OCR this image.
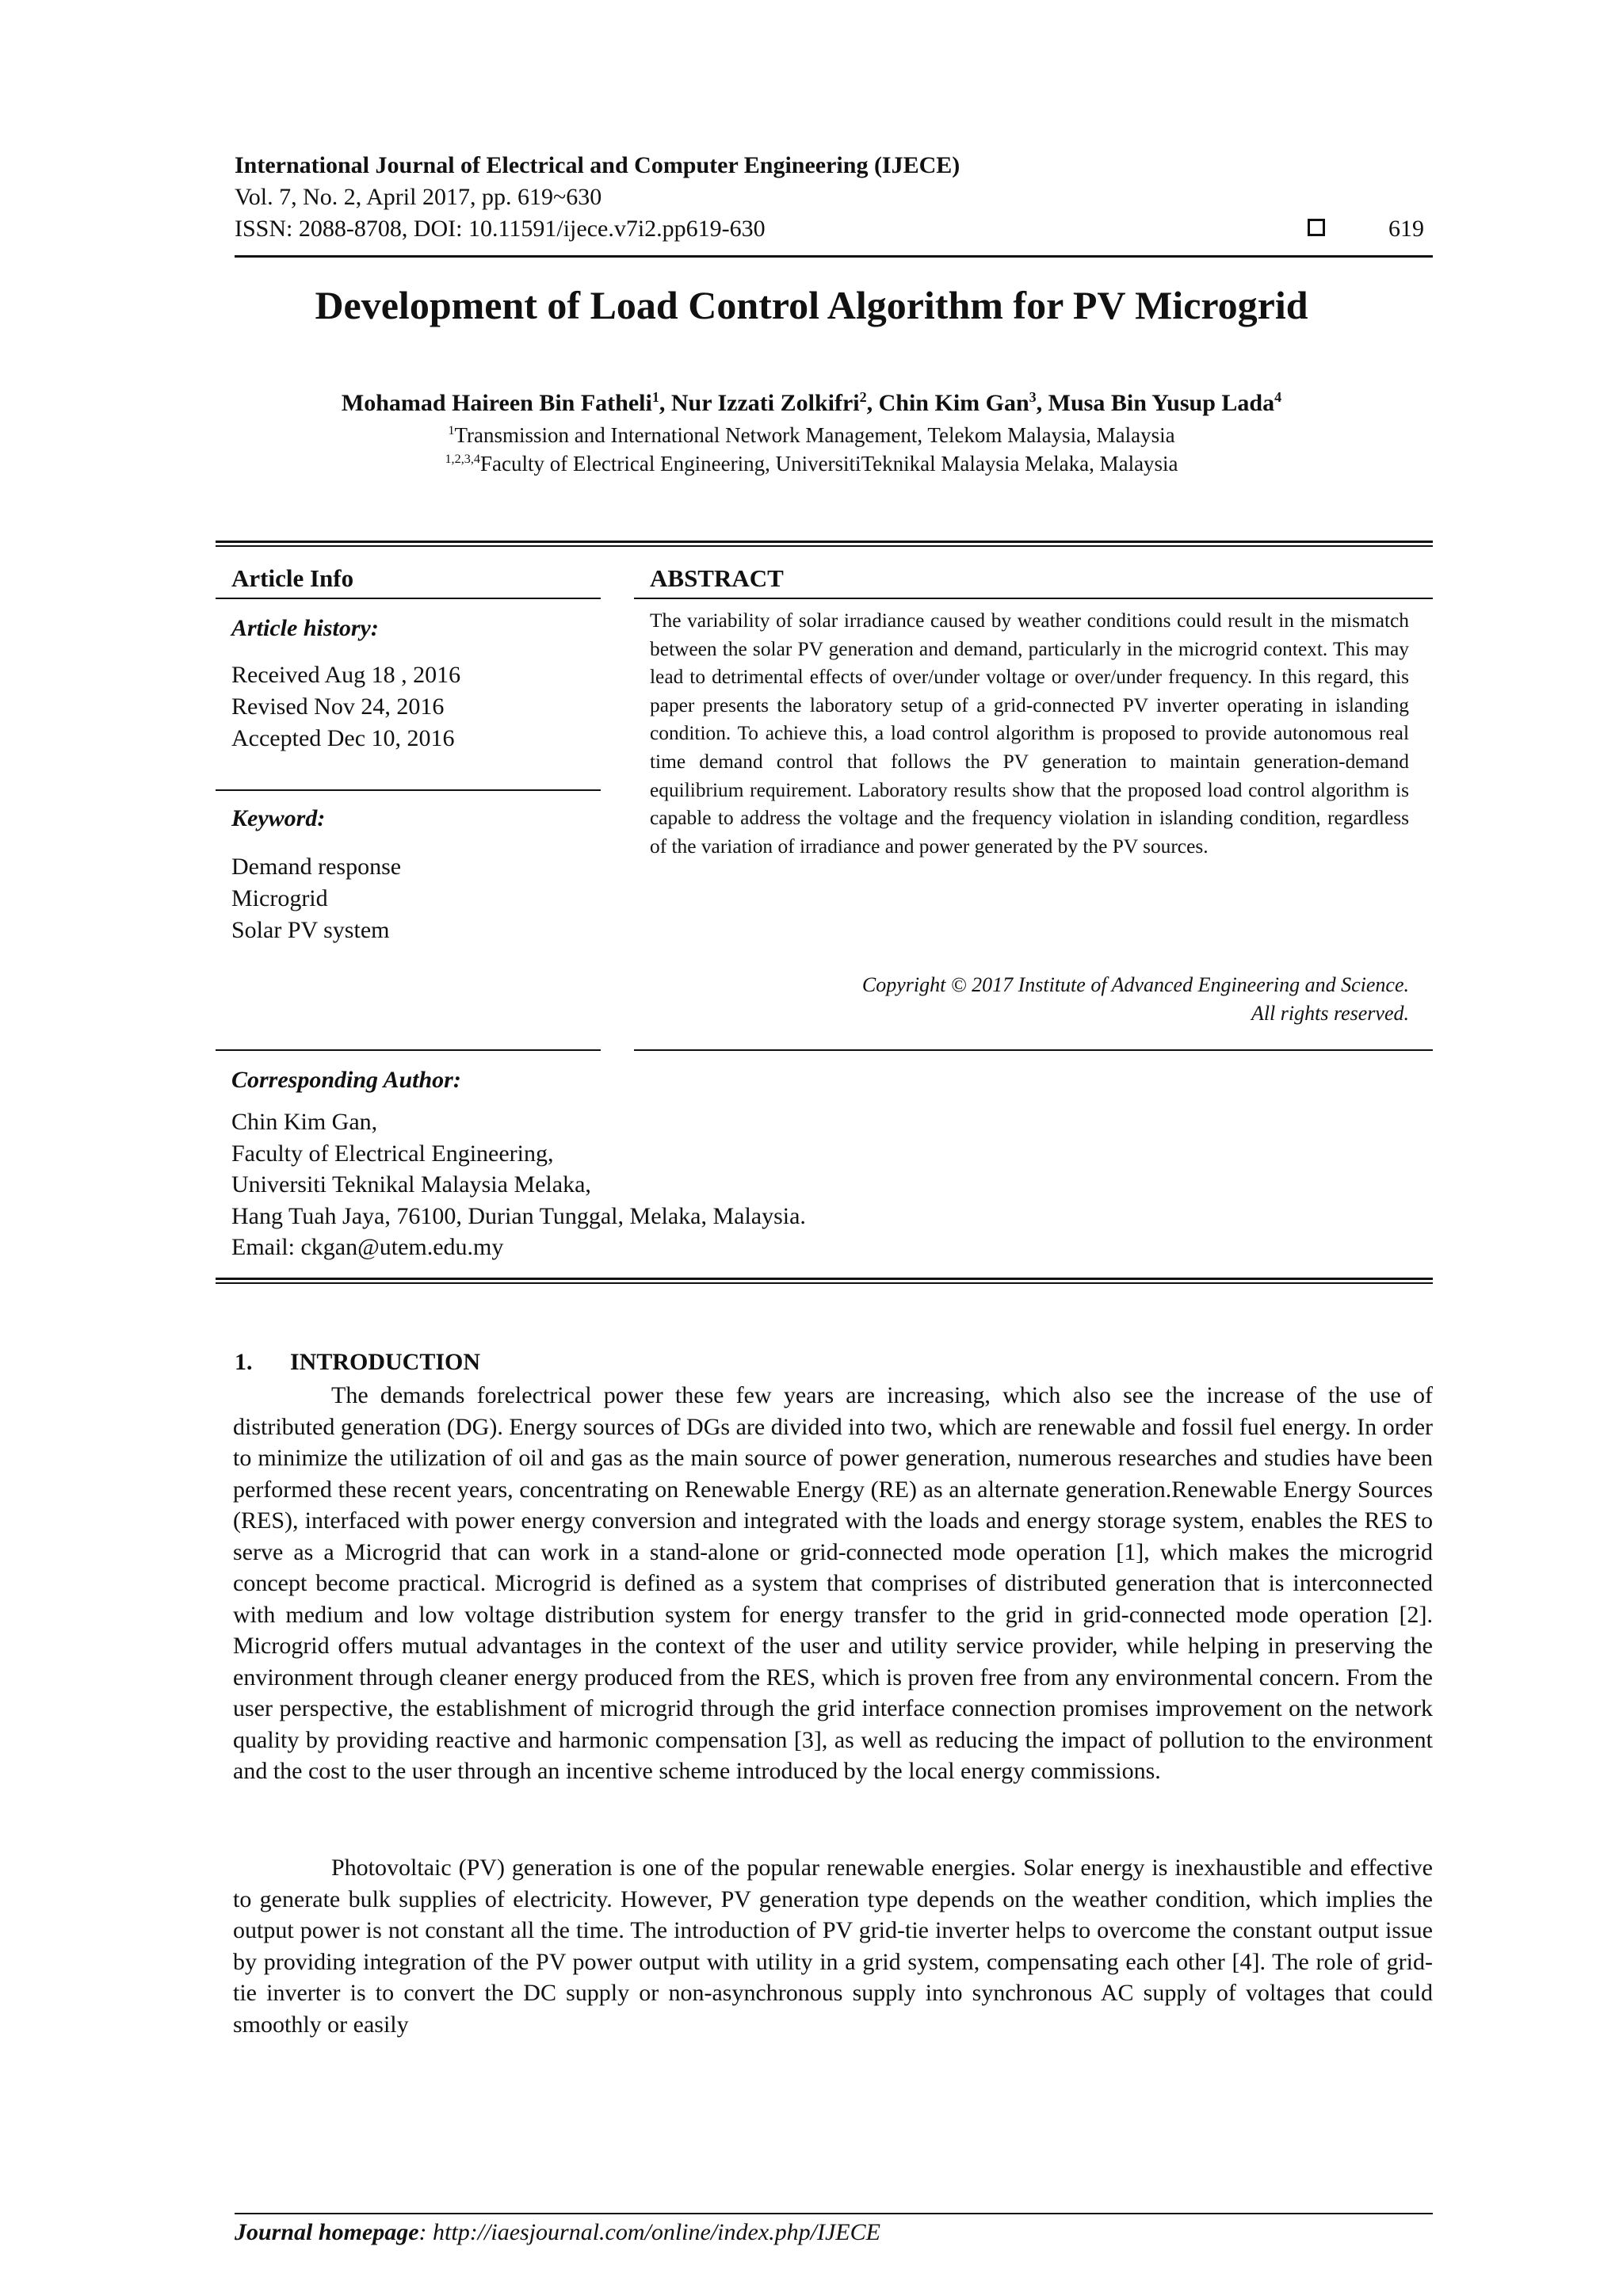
International Journal of Electrical and Computer Engineering (IJECE)
Vol. 7, No. 2, April 2017, pp. 619~630
ISSN: 2088-8708, DOI: 10.11591/ijece.v7i2.pp619-630	619
Development of Load Control Algorithm for PV Microgrid
Mohamad Haireen Bin Fatheli$^1$, Nur Izzati Zolkifri$^2$, Chin Kim Gan$^3$, Musa Bin Yusup Lada$^4$
$^1$Transmission and International Network Management, Telekom Malaysia, Malaysia
$^{1,2,3,4}$Faculty of Electrical Engineering, UniversitiTeknikal Malaysia Melaka, Malaysia
Article Info
Article history:
Received Aug 18 , 2016
Revised Nov 24, 2016
Accepted Dec 10, 2016
Keyword:
Demand response
Microgrid
Solar PV system
ABSTRACT
The variability of solar irradiance caused by weather conditions could result in the mismatch between the solar PV generation and demand, particularly in the microgrid context. This may lead to detrimental effects of over/under voltage or over/under frequency. In this regard, this paper presents the laboratory setup of a grid-connected PV inverter operating in islanding condition. To achieve this, a load control algorithm is proposed to provide autonomous real time demand control that follows the PV generation to maintain generation-demand equilibrium requirement. Laboratory results show that the proposed load control algorithm is capable to address the voltage and the frequency violation in islanding condition, regardless of the variation of irradiance and power generated by the PV sources.
Copyright © 2017 Institute of Advanced Engineering and Science.
All rights reserved.
Corresponding Author:
Chin Kim Gan,
Faculty of Electrical Engineering,
Universiti Teknikal Malaysia Melaka,
Hang Tuah Jaya, 76100, Durian Tunggal, Melaka, Malaysia.
Email: ckgan@utem.edu.my
1. INTRODUCTION
The demands forelectrical power these few years are increasing, which also see the increase of the use of distributed generation (DG). Energy sources of DGs are divided into two, which are renewable and fossil fuel energy. In order to minimize the utilization of oil and gas as the main source of power generation, numerous researches and studies have been performed these recent years, concentrating on Renewable Energy (RE) as an alternate generation.Renewable Energy Sources (RES), interfaced with power energy conversion and integrated with the loads and energy storage system, enables the RES to serve as a Microgrid that can work in a stand-alone or grid-connected mode operation [1], which makes the microgrid concept become practical. Microgrid is defined as a system that comprises of distributed generation that is interconnected with medium and low voltage distribution system for energy transfer to the grid in grid-connected mode operation [2]. Microgrid offers mutual advantages in the context of the user and utility service provider, while helping in preserving the environment through cleaner energy produced from the RES, which is proven free from any environmental concern. From the user perspective, the establishment of microgrid through the grid interface connection promises improvement on the network quality by providing reactive and harmonic compensation [3], as well as reducing the impact of pollution to the environment and the cost to the user through an incentive scheme introduced by the local energy commissions.
Photovoltaic (PV) generation is one of the popular renewable energies. Solar energy is inexhaustible and effective to generate bulk supplies of electricity. However, PV generation type depends on the weather condition, which implies the output power is not constant all the time. The introduction of PV grid-tie inverter helps to overcome the constant output issue by providing integration of the PV power output with utility in a grid system, compensating each other [4]. The role of grid-tie inverter is to convert the DC supply or non-asynchronous supply into synchronous AC supply of voltages that could smoothly or easily
Journal homepage: http://iaesjournal.com/online/index.php/IJECE
